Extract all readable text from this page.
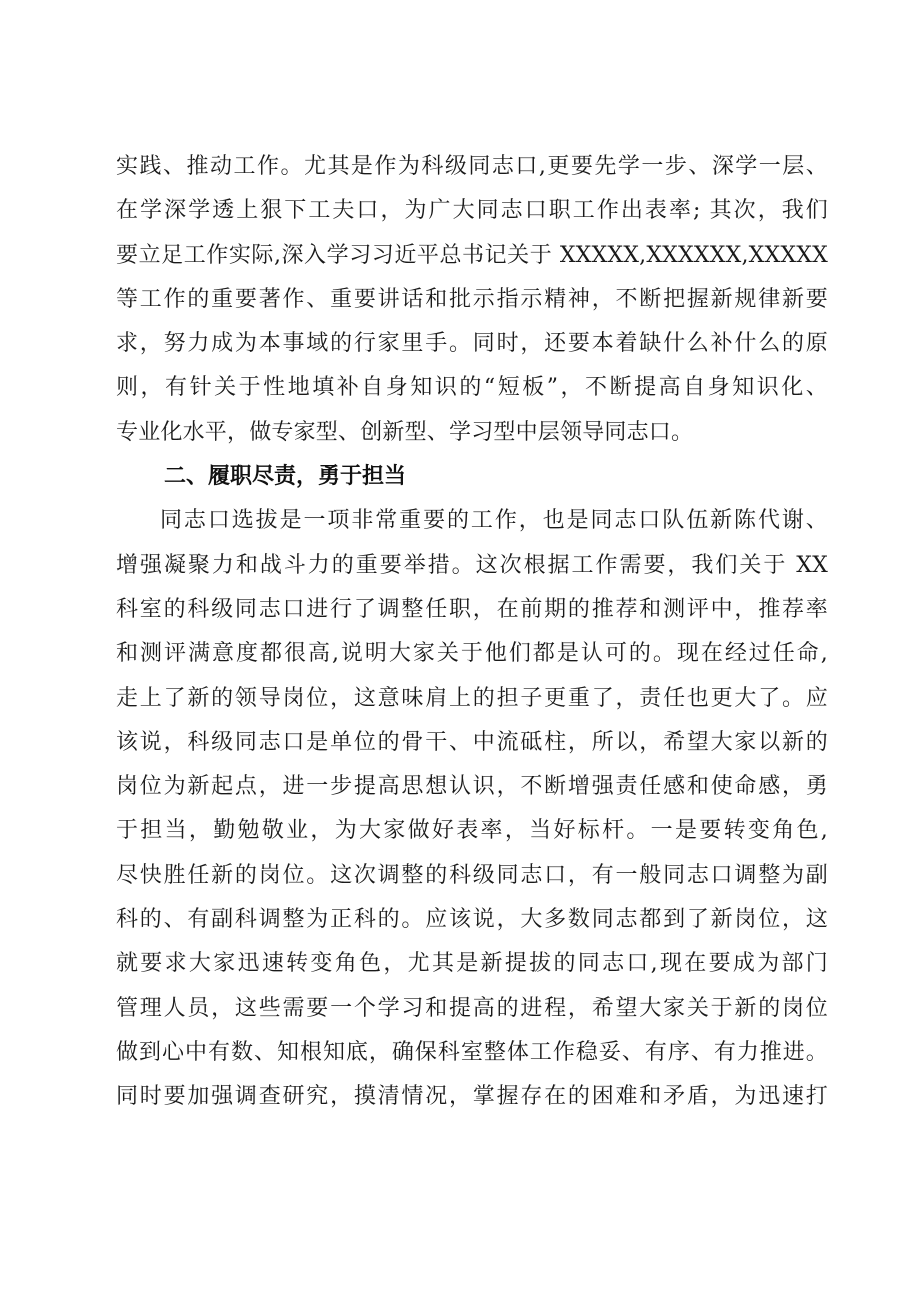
实践、推动工作。尤其是作为科级同志口,更要先学一步、深学一层、
在学深学透上狠下工夫口，为广大同志口职工作出表率; 其次，我们
要立足工作实际,深入学习习近平总书记关于 XXXXX,XXXXXX,XXXXX
等工作的重要著作、重要讲话和批示指示精神，不断把握新规律新要
求，努力成为本事域的行家里手。同时，还要本着缺什么补什么的原
则，有针关于性地填补自身知识的“短板”，不断提高自身知识化、
专业化水平，做专家型、创新型、学习型中层领导同志口。
二、履职尽责，勇于担当
同志口选拔是一项非常重要的工作，也是同志口队伍新陈代谢、
增强凝聚力和战斗力的重要举措。这次根据工作需要，我们关于 XX
科室的科级同志口进行了调整任职，在前期的推荐和测评中，推荐率
和测评满意度都很高,说明大家关于他们都是认可的。现在经过任命,
走上了新的领导岗位，这意味肩上的担子更重了，责任也更大了。应
该说，科级同志口是单位的骨干、中流砥柱，所以，希望大家以新的
岗位为新起点，进一步提高思想认识，不断增强责任感和使命感，勇
于担当，勤勉敬业，为大家做好表率，当好标杆。一是要转变角色,
尽快胜任新的岗位。这次调整的科级同志口，有一般同志口调整为副
科的、有副科调整为正科的。应该说，大多数同志都到了新岗位，这
就要求大家迅速转变角色，尤其是新提拔的同志口,现在要成为部门
管理人员，这些需要一个学习和提高的进程，希望大家关于新的岗位
做到心中有数、知根知底，确保科室整体工作稳妥、有序、有力推进。
同时要加强调查研究，摸清情况，掌握存在的困难和矛盾，为迅速打
